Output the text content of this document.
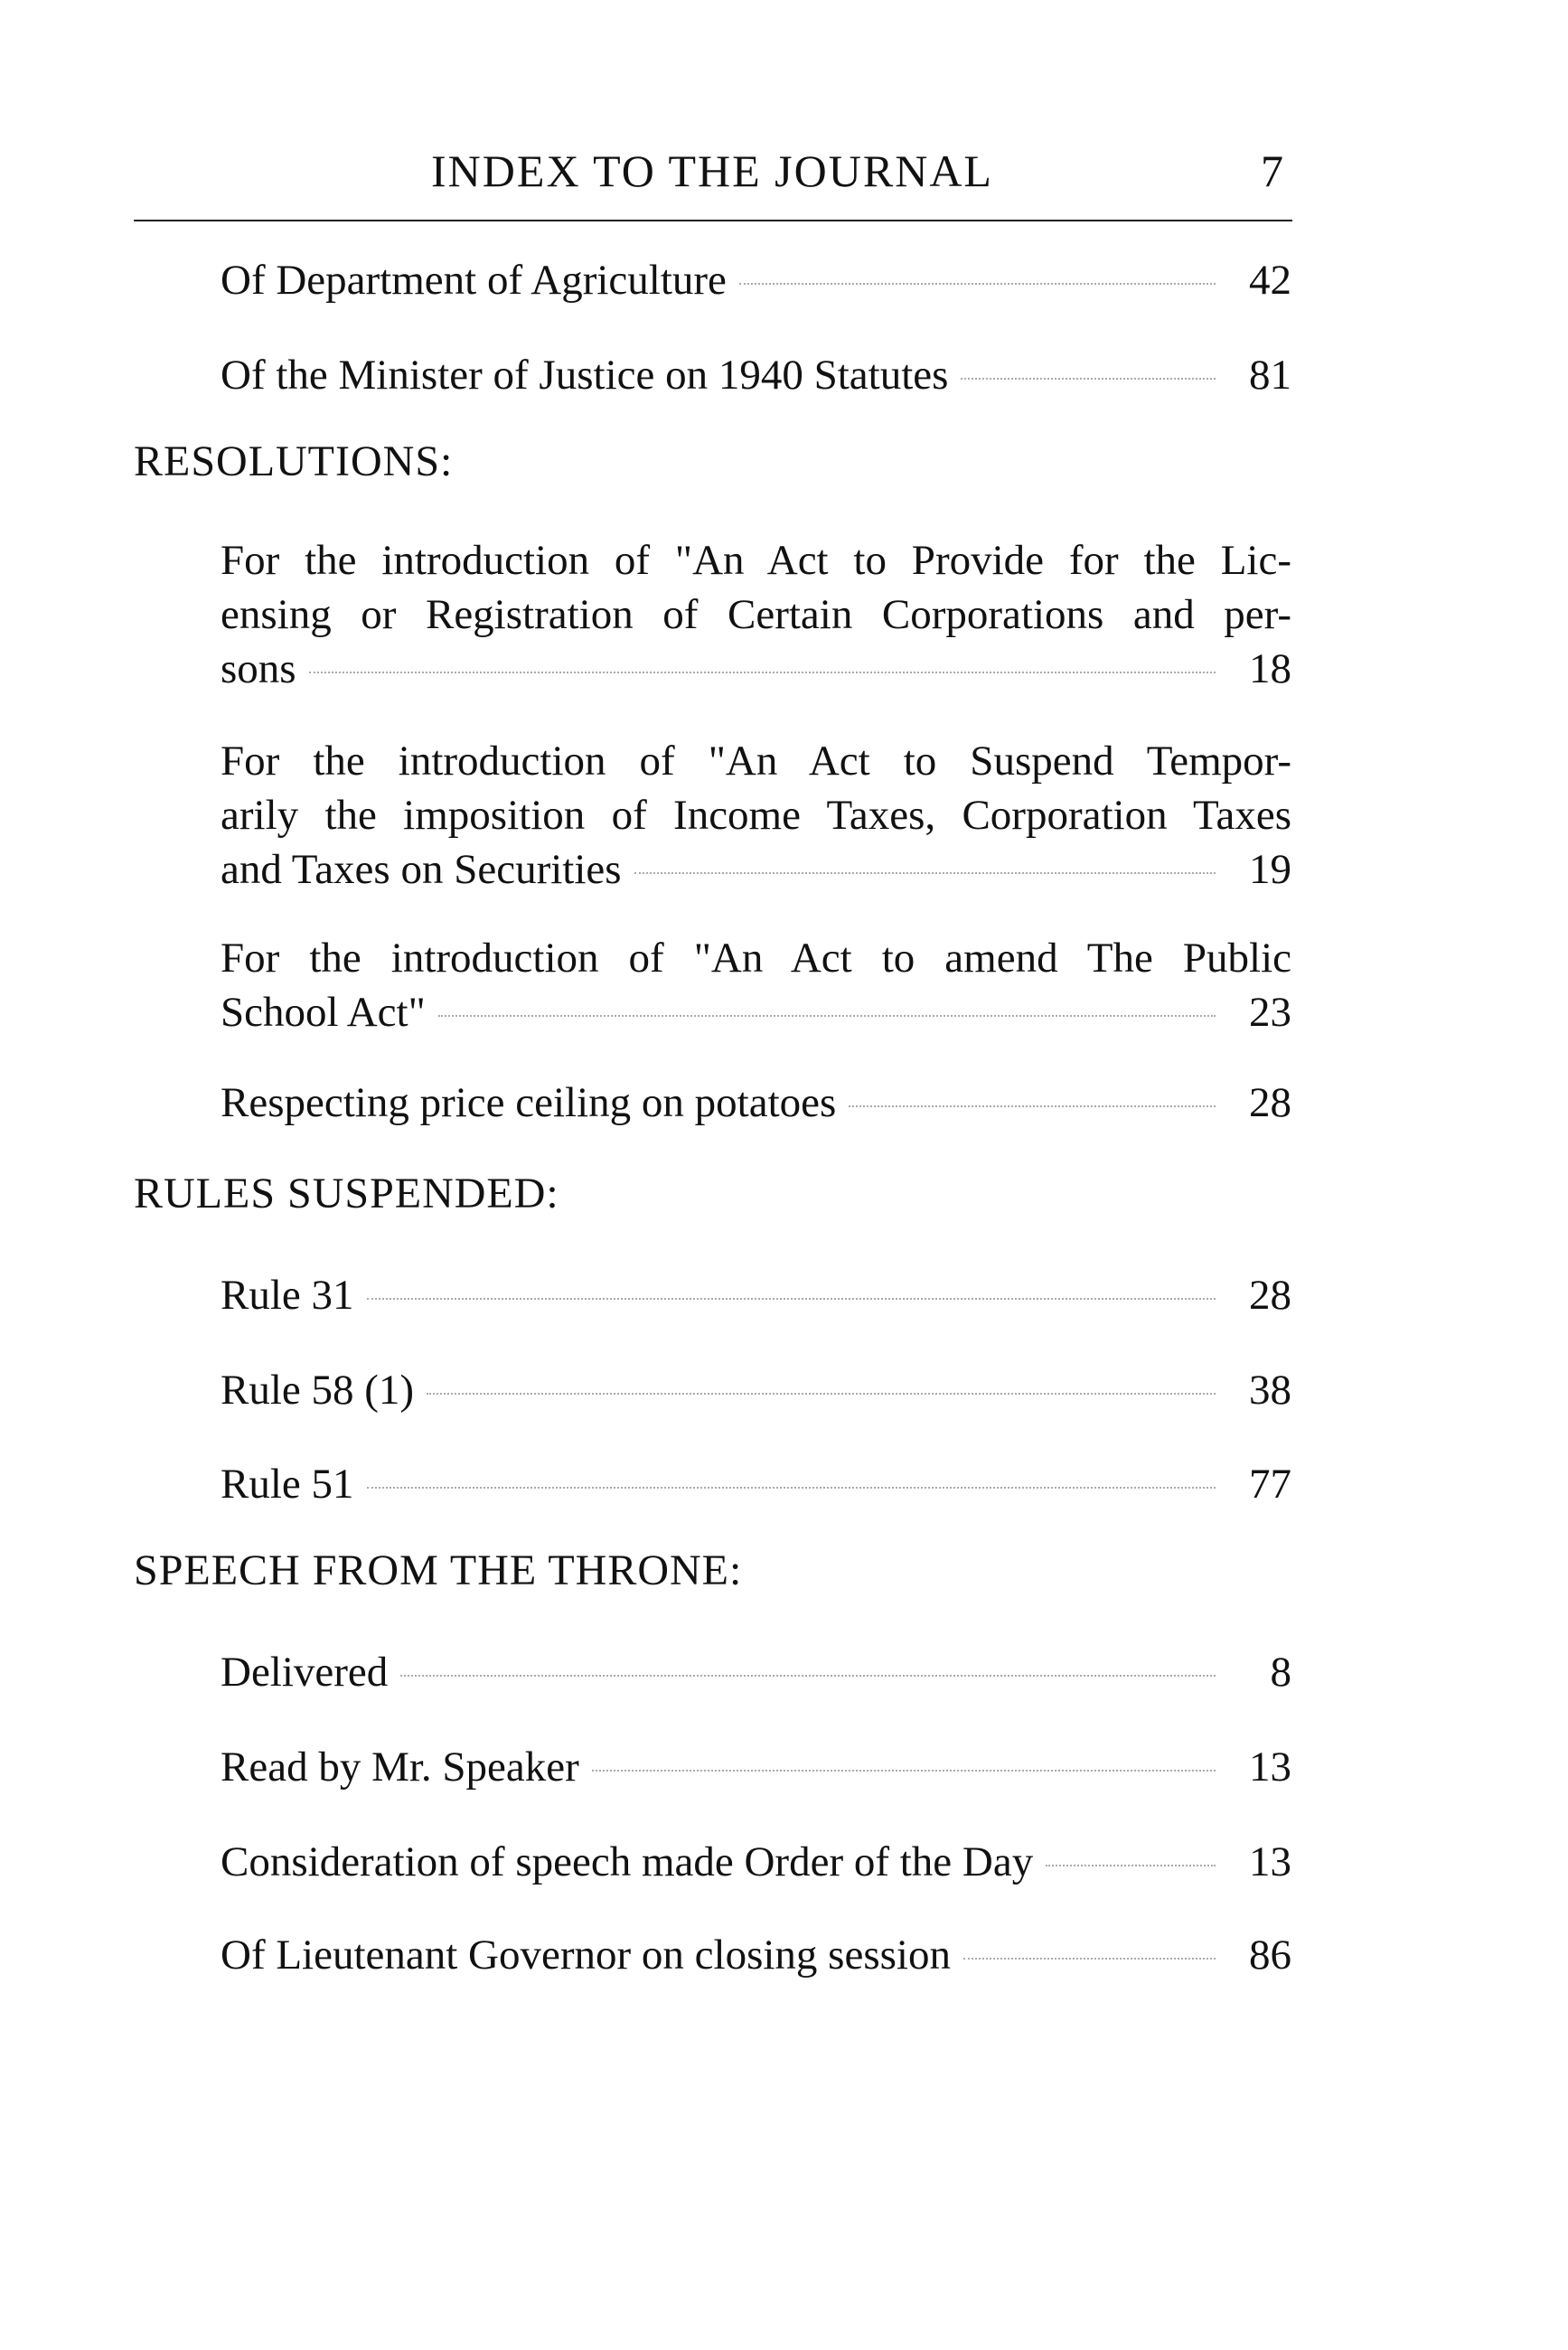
INDEX TO THE JOURNAL	7
Of Department of Agriculture	42
Of the Minister of Justice on 1940 Statutes	81
RESOLUTIONS:
For the introduction of "An Act to Provide for the Lic-
ensing or Registration of Certain Corporations and per-
sons	18
For the introduction of "An Act to Suspend Tempor-
arily the imposition of Income Taxes, Corporation Taxes
and Taxes on Securities	19
For the introduction of "An Act to amend The Public
School Act"	23
Respecting price ceiling on potatoes	28
RULES SUSPENDED:
Rule 31	28
Rule 58 (1)	38
Rule 51	77
SPEECH FROM THE THRONE:
Delivered	8
Read by Mr. Speaker	13
Consideration of speech made Order of the Day	13
Of Lieutenant Governor on closing session	86
